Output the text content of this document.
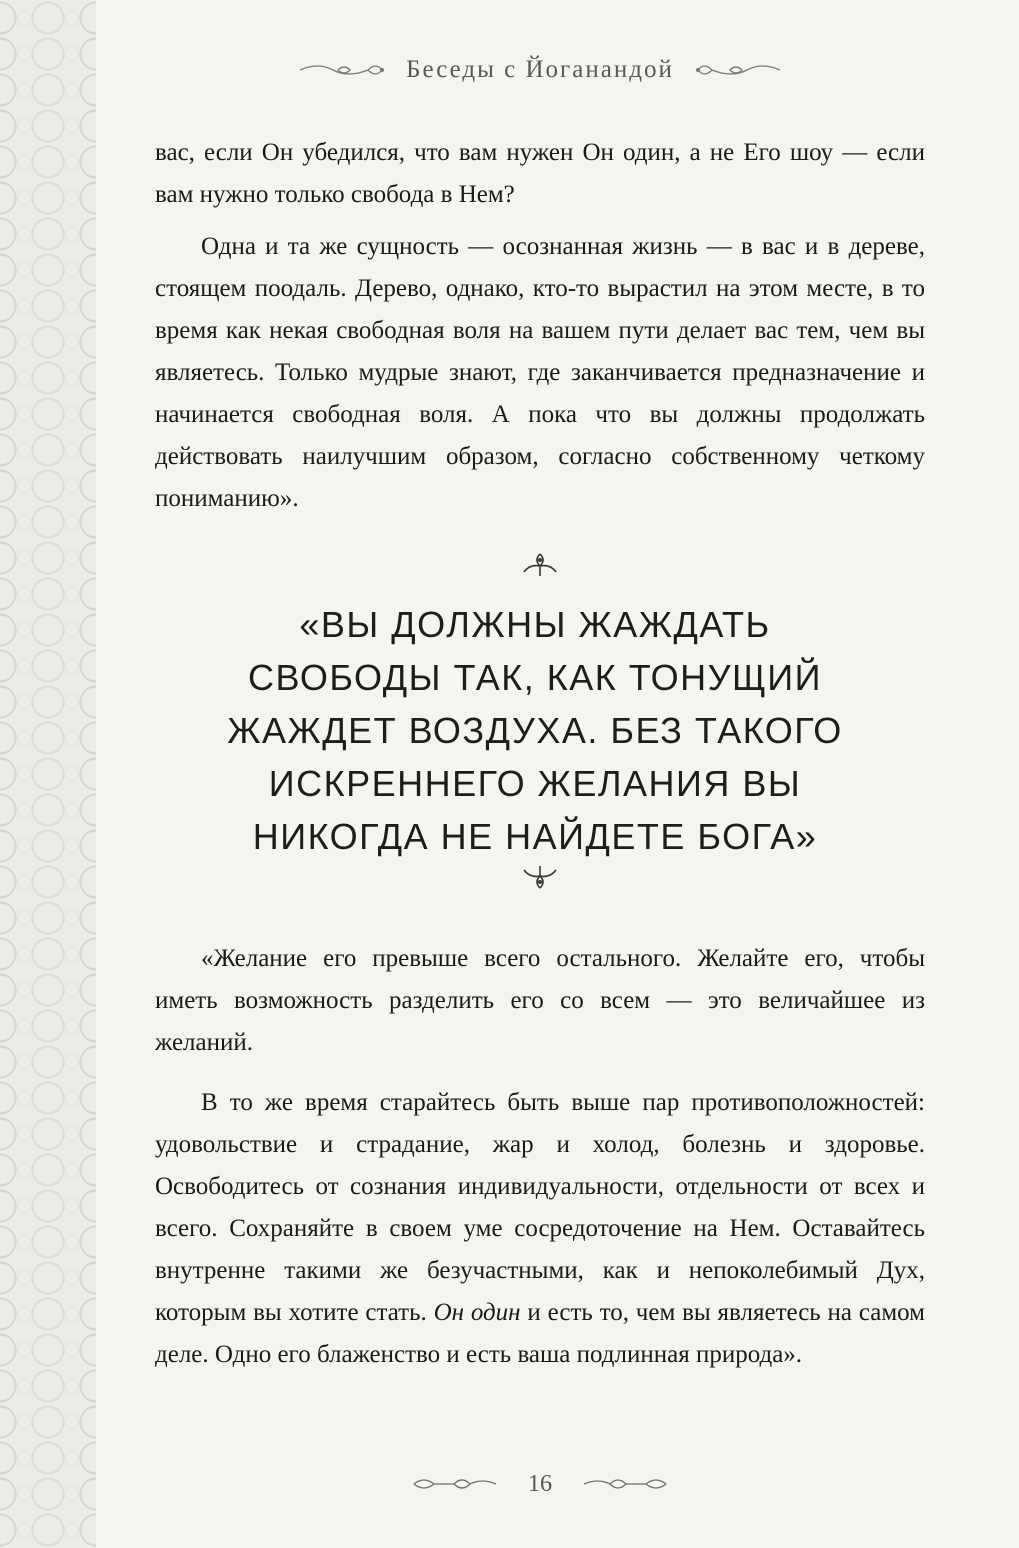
Беседы с Йоганандой

вас, если Он убедился, что вам нужен Он один, а не Его шоу — если вам нужно только свобода в Нем?

Одна и та же сущность — осознанная жизнь — в вас и в дереве, стоящем поодаль. Дерево, однако, кто-то вырастил на этом месте, в то время как некая свободная воля на вашем пути делает вас тем, чем вы являетесь. Только мудрые знают, где заканчивается предназначение и начинается свободная воля. А пока что вы должны продолжать действовать наилучшим образом, согласно собственному четкому пониманию».

«ВЫ ДОЛЖНЫ ЖАЖДАТЬ
СВОБОДЫ ТАК, КАК ТОНУЩИЙ
ЖАЖДЕТ ВОЗДУХА. БЕЗ ТАКОГО
ИСКРЕННЕГО ЖЕЛАНИЯ ВЫ
НИКОГДА НЕ НАЙДЕТЕ БОГА»

«Желание его превыше всего остального. Желайте его, чтобы иметь возможность разделить его со всем — это величайшее из желаний.

В то же время старайтесь быть выше пар противоположностей: удовольствие и страдание, жар и холод, болезнь и здоровье. Освободитесь от сознания индивидуальности, отдельности от всех и всего. Сохраняйте в своем уме сосредоточение на Нем. Оставайтесь внутренне такими же безучастными, как и непоколебимый Дух, которым вы хотите стать. Он один и есть то, чем вы являетесь на самом деле. Одно его блаженство и есть ваша подлинная природа».

16
